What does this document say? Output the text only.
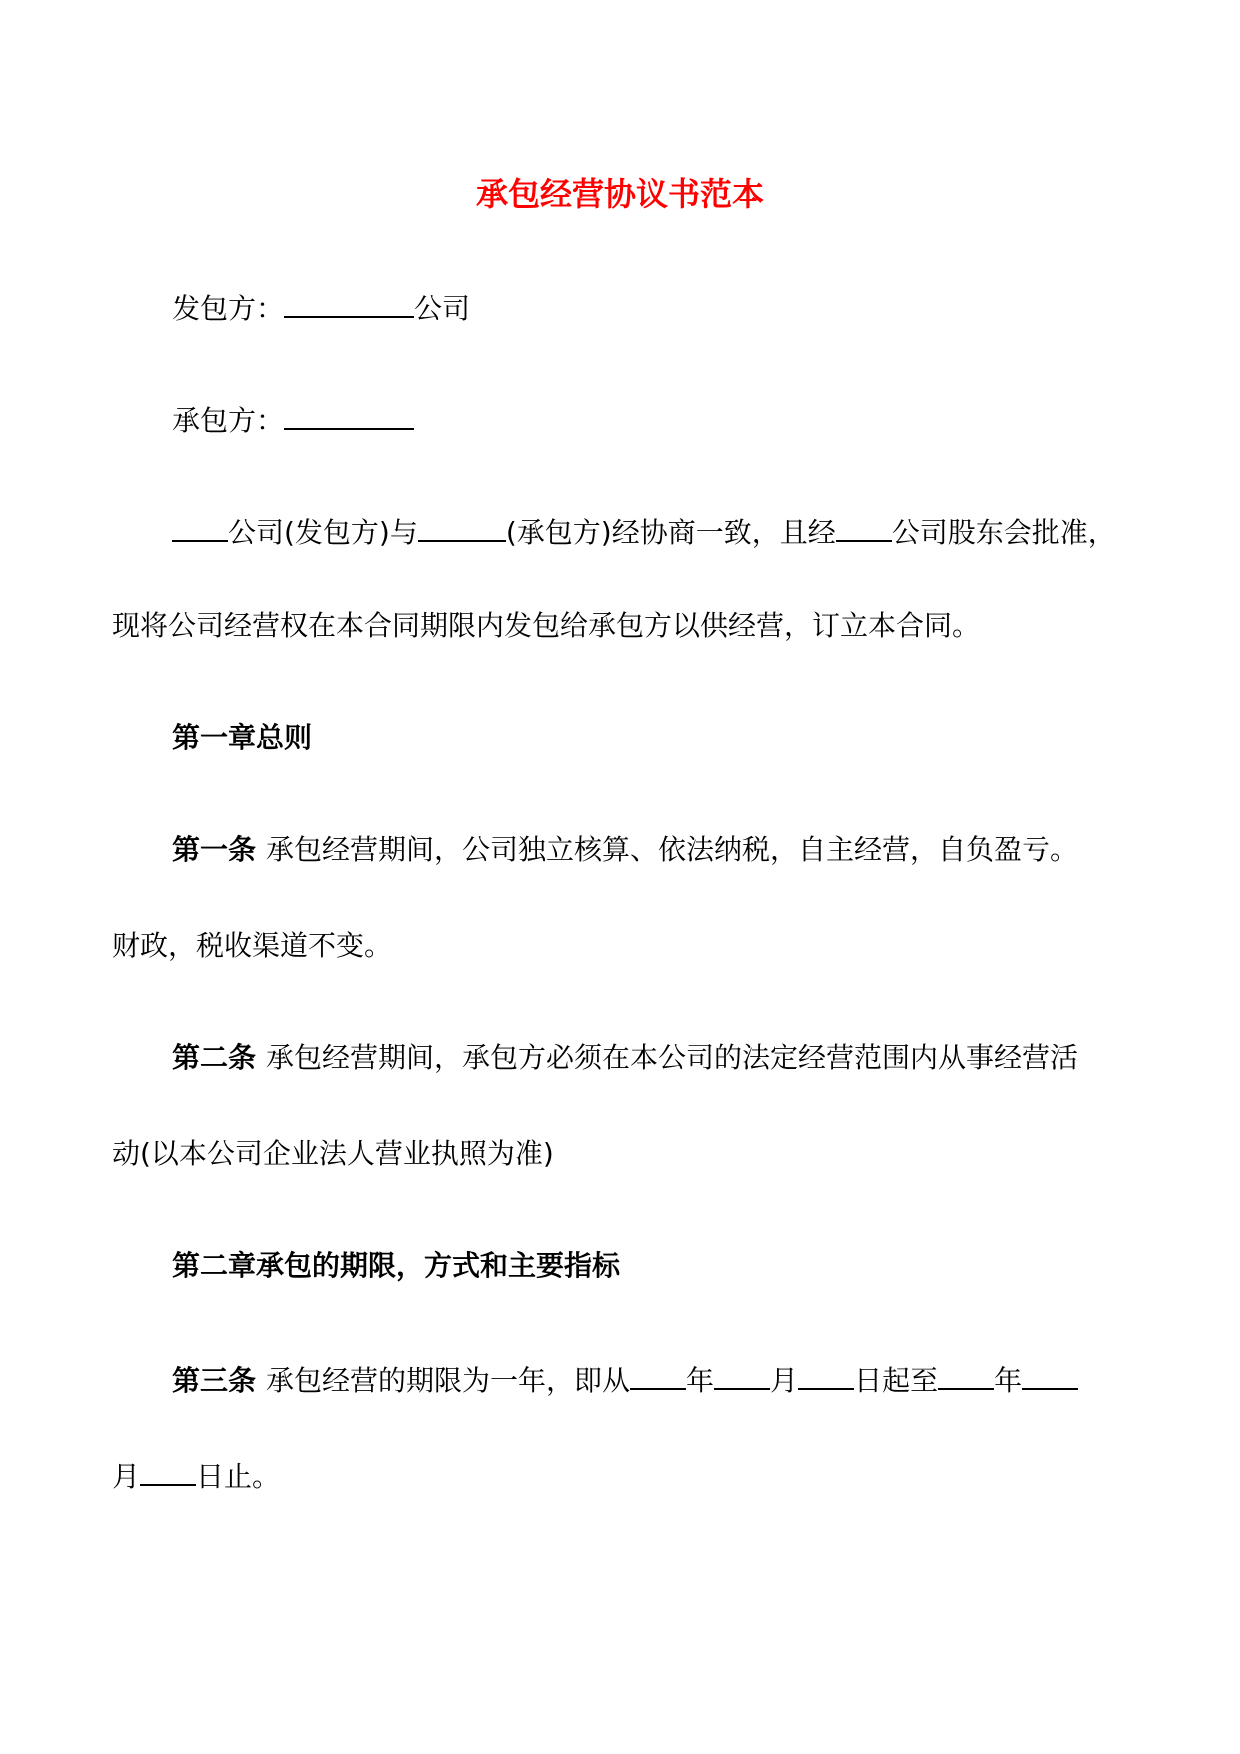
承包经营协议书范本
发包方：	公司
承包方：
公司(发包方)与	(承包方)经协商一致，且经 公司股东会批准，
现将公司经营权在本合同期限内发包给承包方以供经营，订立本合同。
第一章总则
第一条 承包经营期间，公司独立核算、依法纳税，自主经营，自负盈亏。
财政，税收渠道不变。
第二条 承包经营期间，承包方必须在本公司的法定经营范围内从事经营活
动(以本公司企业法人营业执照为准)
第二章承包的期限，方式和主要指标
第三条 承包经营的期限为一年，即从 年 月 日起至 年
月 日止。
